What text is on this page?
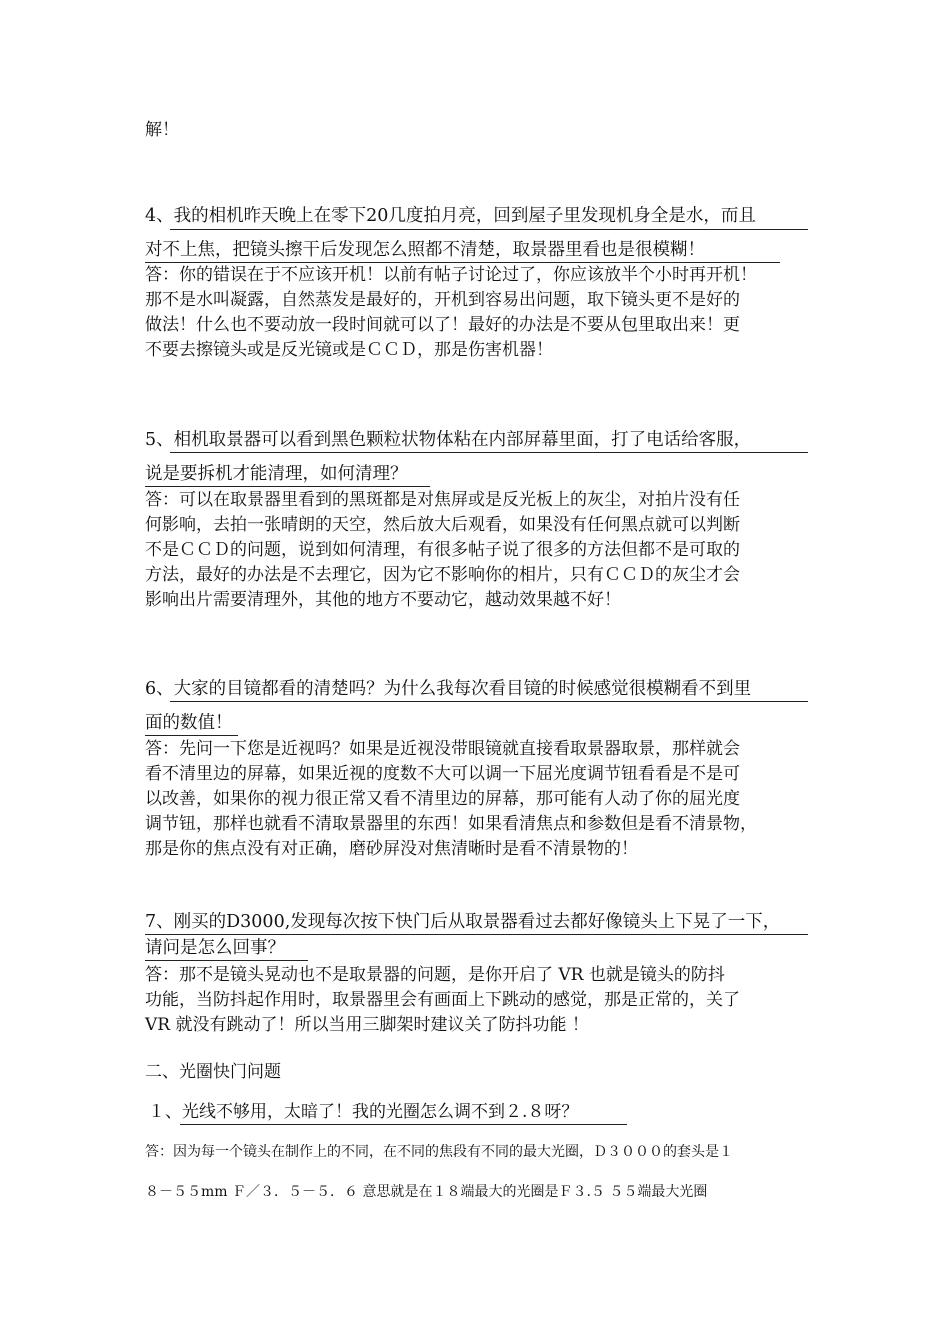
解！
4、我的相机昨天晚上在零下20几度拍月亮，回到屋子里发现机身全是水，而且
对不上焦，把镜头擦干后发现怎么照都不清楚，取景器里看也是很模糊！
答：你的错误在于不应该开机！以前有帖子讨论过了，你应该放半个小时再开机！
那不是水叫凝露，自然蒸发是最好的，开机到容易出问题，取下镜头更不是好的
做法！什么也不要动放一段时间就可以了！最好的办法是不要从包里取出来！更
不要去擦镜头或是反光镜或是ＣＣＤ，那是伤害机器！
5、相机取景器可以看到黑色颗粒状物体粘在内部屏幕里面，打了电话给客服，
说是要拆机才能清理，如何清理？
答：可以在取景器里看到的黑斑都是对焦屏或是反光板上的灰尘，对拍片没有任
何影响，去拍一张晴朗的天空，然后放大后观看，如果没有任何黑点就可以判断
不是ＣＣＤ的问题，说到如何清理，有很多帖子说了很多的方法但都不是可取的
方法，最好的办法是不去理它，因为它不影响你的相片，只有ＣＣＤ的灰尘才会
影响出片需要清理外，其他的地方不要动它，越动效果越不好！
6、大家的目镜都看的清楚吗？为什么我每次看目镜的时候感觉很模糊看不到里
面的数值！
答：先问一下您是近视吗？如果是近视没带眼镜就直接看取景器取景，那样就会
看不清里边的屏幕，如果近视的度数不大可以调一下屈光度调节钮看看是不是可
以改善，如果你的视力很正常又看不清里边的屏幕，那可能有人动了你的屈光度
调节钮，那样也就看不清取景器里的东西！如果看清焦点和参数但是看不清景物，
那是你的焦点没有对正确，磨砂屏没对焦清晰时是看不清景物的！
7、刚买的D3000,发现每次按下快门后从取景器看过去都好像镜头上下晃了一下，
请问是怎么回事？
答：那不是镜头晃动也不是取景器的问题，是你开启了 VR 也就是镜头的防抖
功能，当防抖起作用时，取景器里会有画面上下跳动的感觉，那是正常的，关了
VR 就没有跳动了！所以当用三脚架时建议关了防抖功能 ！
二、光圈快门问题
１、光线不够用，太暗了！我的光圈怎么调不到２.８呀？
答：因为每一个镜头在制作上的不同，在不同的焦段有不同的最大光圈，Ｄ３０００的套头是１
８－５５mm Ｆ／３．５－５．６ 意思就是在１８端最大的光圈是Ｆ３.５ ５５端最大光圈
